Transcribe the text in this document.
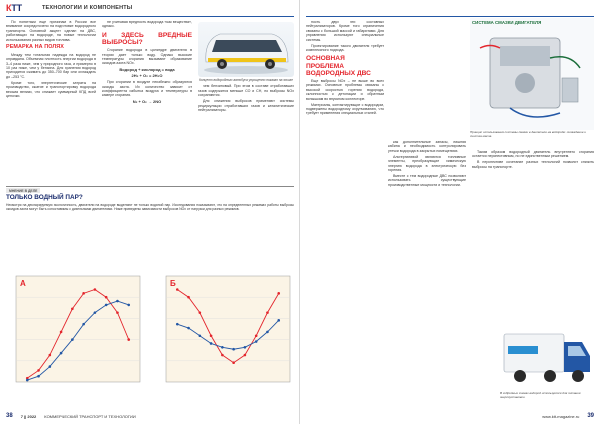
КТТ	ТЕХНОЛОГИИ И КОМПОНЕНТЫ

По понятным еще причинам в России все внимание сосредоточено на подготовке водородного транспорта. Основной акцент сделан на ДВС, работающих на водороде, на новые технологии использования разных видов топлива.

РЕМАРКА НА ПОЛЯХ

Между тем тотальная надежда на водород не оправдана. Объемная плотность энергии водорода в 3–4 раза ниже, чем у природного газа, и примерно в 10 раз ниже, чем у бензина. Для хранения водород приходится сжимать до 350–700 бар или охлаждать до –253 °С.

Кроме того, энергетические затраты на производство, сжатие и транспортировку водорода весьма велики, что снижает суммарный КПД всей цепочки.

не учитывая вредность водорода «как вещества», однако.

И ЗДЕСЬ ВРЕДНЫЕ ВЫБРОСЫ?

Сгорание водорода в цилиндре двигателя в теории дает только воду. Однако высокие температуры сгорания вызывают образование оксидов азота NOx.

Водород + кислород = вода

2H₂ + O₂ = 2H₂O

При сгорании в воздухе неизбежно образуются оксиды азота. Их количество зависит от коэффициента избытка воздуха и температуры в камере сгорания.

N₂ + O₂ → 2NO

Концепт водородного автобуса упрощенно показан на эскизе

чем бензиновый. При этом в составе отработавших газов содержится меньше CO и CH, но выбросы NOx сохраняются.

Для снижения выбросов применяют системы рециркуляции отработавших газов и каталитические нейтрализаторы.

МНЕНИЕ В ДЕЛЕ
ТОЛЬКО ВОДНЫЙ ПАР?
Несмотря на декларируемую экологичность, двигатели на водороде выделяют не только водяной пар. Исследования показывают, что на определенных режимах работы выбросы оксидов азота могут быть сопоставимы с дизельными двигателями. Ниже приведены зависимости выбросов NOx от нагрузки для разных режимов.
А	Б
38 7 || 2022 КОММЕРЧЕСКИЙ ТРАНСПОРТ И ТЕХНОЛОГИИ

ность двух эти составных нейтрализаторов. Кроме того ограничения связаны с большой массой и габаритами. Для управления используют специальные системы.

Проектирование такого двигателя требует комплексного подхода.

ОСНОВНАЯ ПРОБЛЕМА ВОДОРОДНЫХ ДВС

Еще выбросы NOx – не выше во всех режимах. Основные проблемы связаны с высокой скоростью горения водорода, склонностью к детонации и обратным вспышкам во впускном коллекторе.

Материалы, контактирующие с водородом, подвержены водородному охрупчиванию, что требует применения специальных сталей.

как дополнительные запасы, лишняя кабина и необходимость контролировать утечки водорода в закрытых помещениях.

Альтернативой являются топливные элементы, преобразующие химическую энергию водорода в электрическую без горения.

Вместе с тем водородные ДВС позволяют использовать существующие производственные мощности и технологии.

Таким образом водородный двигатель внутреннего сгорания остается перспективным, но не единственным решением.

В перспективе сочетание разных технологий позволит снизить выбросы на транспорте.

СИСТЕМА СМАЗКИ ДВИГАТЕЛЯ
Принцип использования системы смазки в двигателе на водороде: охлаждение и очистка масла.
В гибридных схемах водород используется для питания энергоустановки.
www.ktt-magazine.ru 39
